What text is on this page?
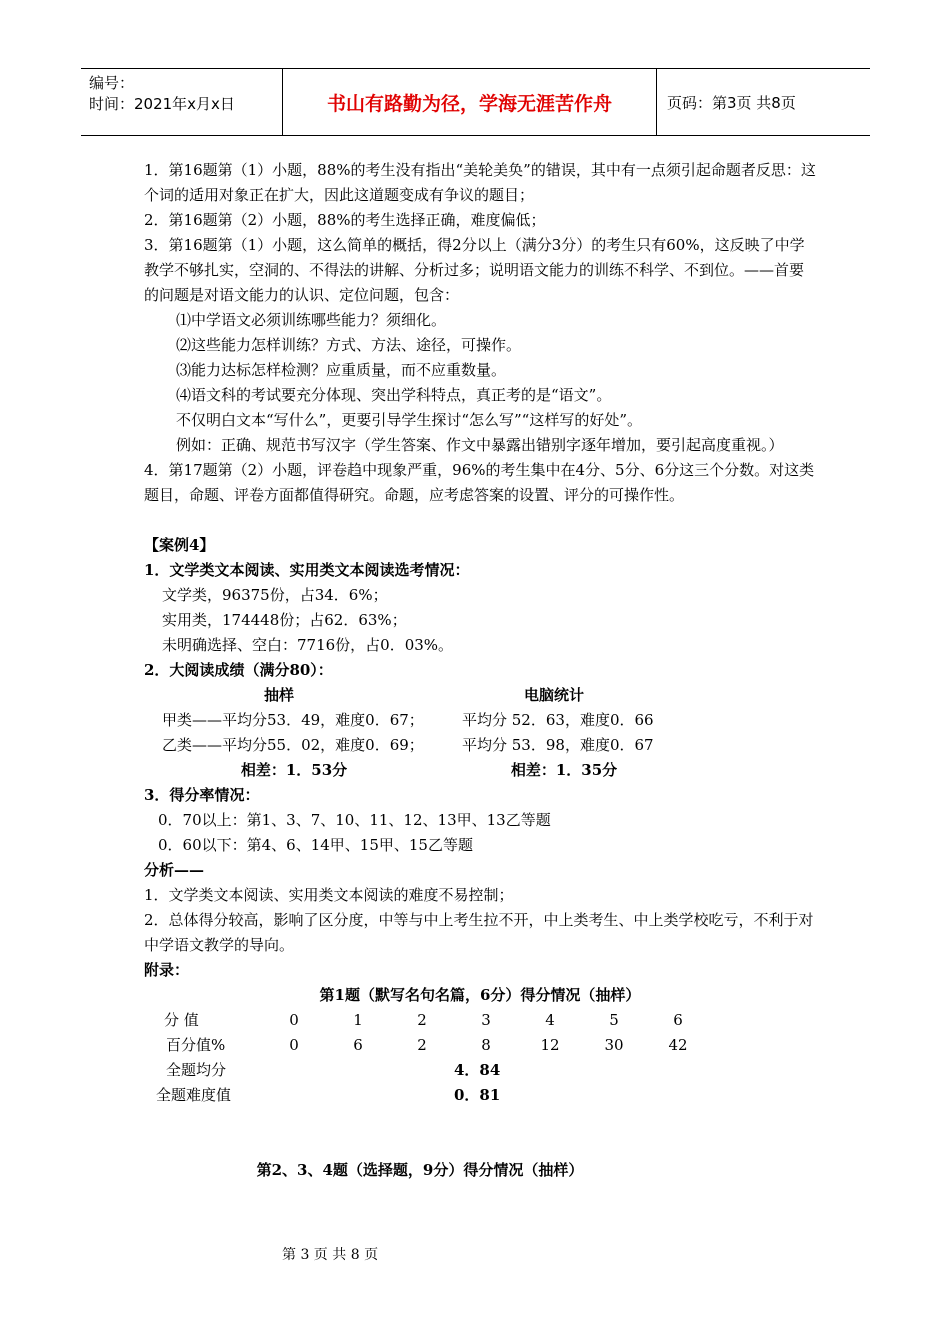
编号：
时间：2021年x月x日	书山有路勤为径，学海无涯苦作舟	页码：第3页 共8页

1．第16题第（1）小题，88%的考生没有指出“美轮美奂”的错误，其中有一点须引起命题者反思：这个词的适用对象正在扩大，因此这道题变成有争议的题目；

2．第16题第（2）小题，88%的考生选择正确，难度偏低；

3．第16题第（1）小题，这么简单的概括，得2分以上（满分3分）的考生只有60%，这反映了中学教学不够扎实，空洞的、不得法的讲解、分析过多；说明语文能力的训练不科学、不到位。——首要的问题是对语文能力的认识、定位问题，包含：

⑴中学语文必须训练哪些能力？须细化。

⑵这些能力怎样训练？方式、方法、途径，可操作。

⑶能力达标怎样检测？应重质量，而不应重数量。

⑷语文科的考试要充分体现、突出学科特点，真正考的是“语文”。

不仅明白文本“写什么”，更要引导学生探讨“怎么写”“这样写的好处”。

例如：正确、规范书写汉字（学生答案、作文中暴露出错别字逐年增加，要引起高度重视。）

4．第17题第（2）小题，评卷趋中现象严重，96%的考生集中在4分、5分、6分这三个分数。对这类题目，命题、评卷方面都值得研究。命题，应考虑答案的设置、评分的可操作性。

【案例4】

1．文学类文本阅读、实用类文本阅读选考情况：

文学类，96375份，占34．6%；

实用类，174448份；占62．63%；

未明确选择、空白：7716份，占0．03%。

2．大阅读成绩（满分80）：

抽样	电脑统计
甲类——平均分53．49，难度0．67；	平均分 52．63，难度0．66
乙类——平均分55．02，难度0．69；	平均分 53．98，难度0．67
相差：1．53分	相差：1．35分

3．得分率情况：

0．70以上：第1、3、7、10、11、12、13甲、13乙等题

0．60以下：第4、6、14甲、15甲、15乙等题

分析——

1．文学类文本阅读、实用类文本阅读的难度不易控制；

2．总体得分较高，影响了区分度，中等与中上考生拉不开，中上类考生、中上类学校吃亏，不利于对中学语文教学的导向。

附录：

第1题（默写名句名篇，6分）得分情况（抽样）

分 值	0	1	2	3	4	5	6
百分值%	0	6	2	8	12	30	42
全题均分	4．84						
全题难度值	0．81						

第2、3、4题（选择题，9分）得分情况（抽样）

第 3 页 共 8 页
